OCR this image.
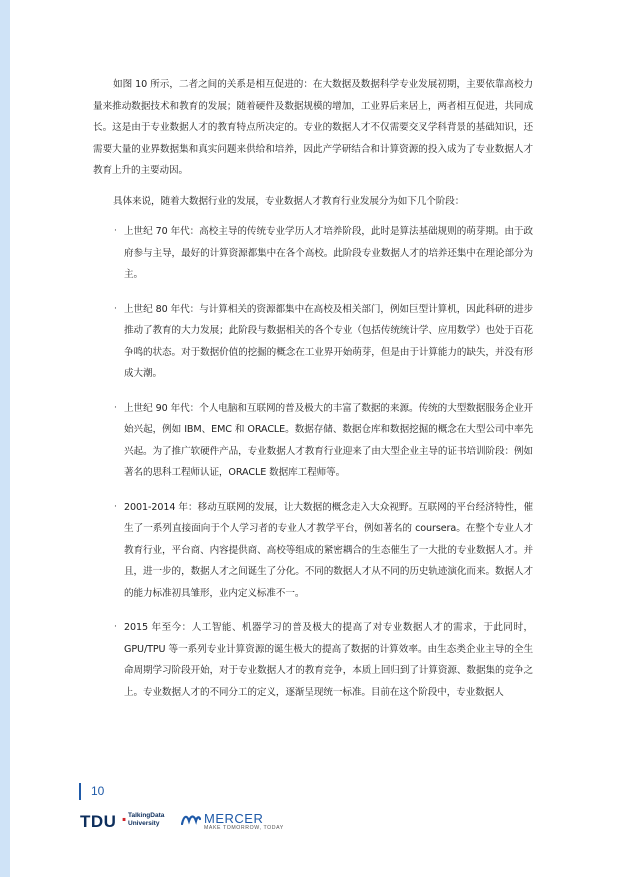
如图 10 所示，二者之间的关系是相互促进的：在大数据及数据科学专业发展初期，主要依靠高校力量来推动数据技术和教育的发展；随着硬件及数据规模的增加，工业界后来居上，两者相互促进，共同成长。这是由于专业数据人才的教育特点所决定的。专业的数据人才不仅需要交叉学科背景的基础知识，还需要大量的业界数据集和真实问题来供给和培养，因此产学研结合和计算资源的投入成为了专业数据人才教育上升的主要动因。

具体来说，随着大数据行业的发展，专业数据人才教育行业发展分为如下几个阶段：

· 上世纪 70 年代：高校主导的传统专业学历人才培养阶段，此时是算法基础规则的萌芽期。由于政府参与主导，最好的计算资源都集中在各个高校。此阶段专业数据人才的培养还集中在理论部分为主。
· 上世纪 80 年代：与计算相关的资源都集中在高校及相关部门，例如巨型计算机，因此科研的进步推动了教育的大力发展；此阶段与数据相关的各个专业（包括传统统计学、应用数学）也处于百花争鸣的状态。对于数据价值的挖掘的概念在工业界开始萌芽，但是由于计算能力的缺失，并没有形成大潮。
· 上世纪 90 年代：个人电脑和互联网的普及极大的丰富了数据的来源。传统的大型数据服务企业开始兴起，例如 IBM、EMC 和 ORACLE。数据存储、数据仓库和数据挖掘的概念在大型公司中率先兴起。为了推广软硬件产品，专业数据人才教育行业迎来了由大型企业主导的证书培训阶段：例如著名的思科工程师认证，ORACLE 数据库工程师等。
· 2001-2014 年：移动互联网的发展，让大数据的概念走入大众视野。互联网的平台经济特性，催生了一系列直接面向于个人学习者的专业人才教学平台，例如著名的 coursera。在整个专业人才教育行业，平台商、内容提供商、高校等组成的紧密耦合的生态催生了一大批的专业数据人才。并且，进一步的，数据人才之间诞生了分化。不同的数据人才从不同的历史轨迹演化而来。数据人才的能力标准初具雏形，业内定义标准不一。
· 2015 年至今：人工智能、机器学习的普及极大的提高了对专业数据人才的需求，于此同时，GPU/TPU 等一系列专业计算资源的诞生极大的提高了数据的计算效率。由生态类企业主导的全生命周期学习阶段开始，对于专业数据人才的教育竞争，本质上回归到了计算资源、数据集的竞争之上。专业数据人才的不同分工的定义，逐渐呈现统一标准。目前在这个阶段中，专业数据人
10
TDU · TalkingData
University	MERCER
MAKE TOMORROW, TODAY
